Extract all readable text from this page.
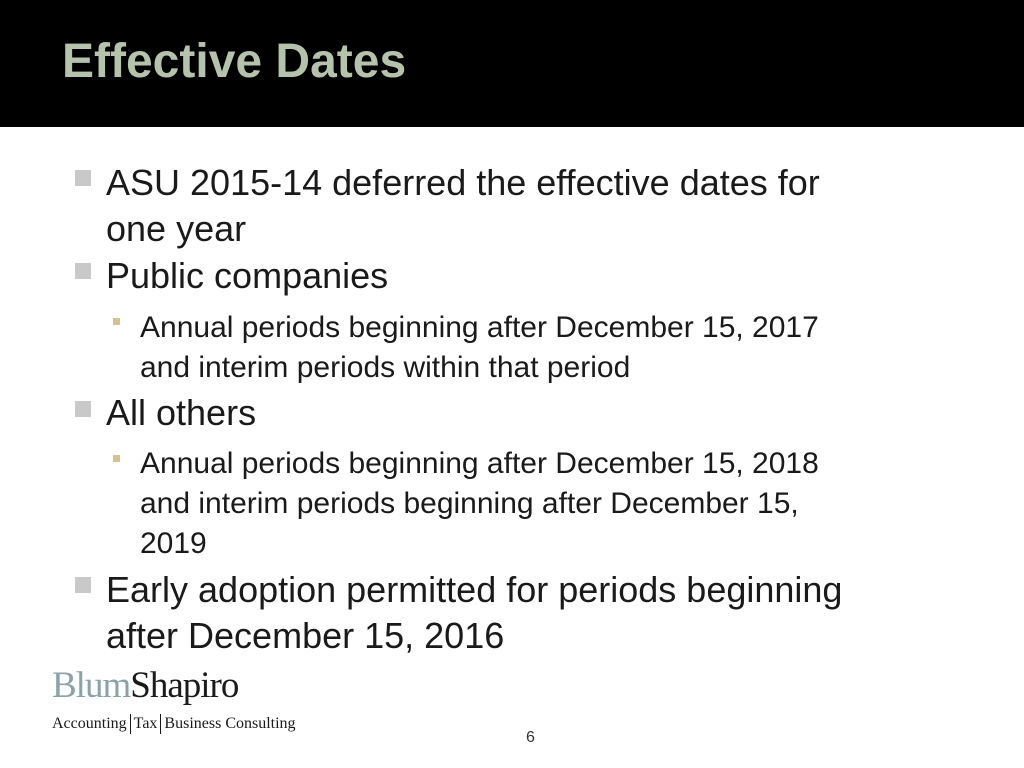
Effective Dates
ASU 2015-14 deferred the effective dates for
one year
Public companies
Annual periods beginning after December 15, 2017
and interim periods within that period
All others
Annual periods beginning after December 15, 2018
and interim periods beginning after December 15,
2019
Early adoption permitted for periods beginning
after December 15, 2016
BlumShapiro
Accounting Tax Business Consulting
6
